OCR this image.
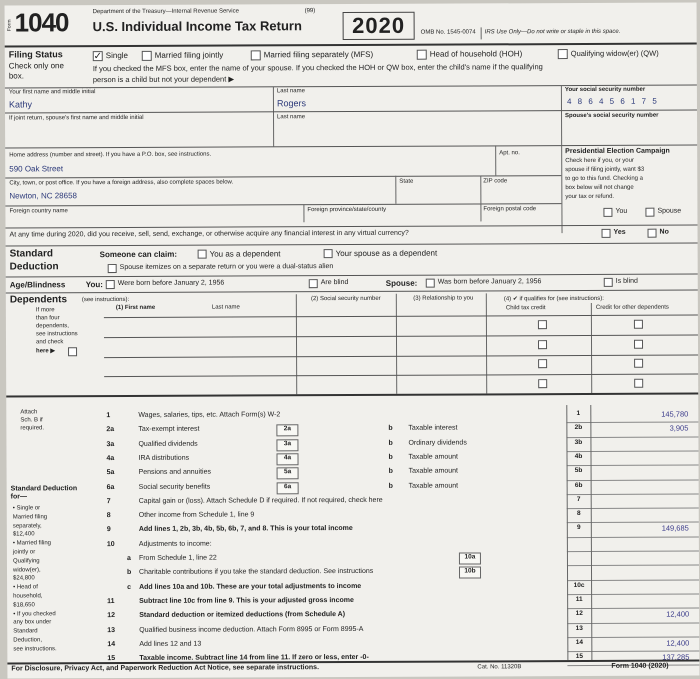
Form 1040	Department of the Treasury—Internal Revenue Service	(99)
U.S. Individual Income Tax Return	2020	OMB No. 1545-0074 IRS Use Only—Do not write or staple in this space.
Filing Status
Check only one box.
✓ Single	Married filing jointly	Married filing separately (MFS)	Head of household (HOH)	Qualifying widow(er) (QW)
If you checked the MFS box, enter the name of your spouse. If you checked the HOH or QW box, enter the child's name if the qualifying
person is a child but not your dependent ▶
Your first name and middle initial
Kathy
Last name
Rogers
Your social security number
4 8 6 4 5 6 1 7 5
If joint return, spouse's first name and middle initial	Last name	Spouse's social security number
Home address (number and street). If you have a P.O. box, see instructions.
590 Oak Street
Apt. no.
City, town, or post office. If you have a foreign address, also complete spaces below.
Newton, NC 28658
State	ZIP code
Foreign country name	Foreign province/state/county	Foreign postal code
Presidential Election Campaign
Check here if you, or your
spouse if filing jointly, want $3
to go to this fund. Checking a
box below will not change
your tax or refund.
You	Spouse
At any time during 2020, did you receive, sell, send, exchange, or otherwise acquire any financial interest in any virtual currency?	Yes	No
Standard
Deduction
Someone can claim:	You as a dependent	Your spouse as a dependent
Spouse itemizes on a separate return or you were a dual-status alien
Age/Blindness	You: Were born before January 2, 1956	Are blind	Spouse:	Was born before January 2, 1956	Is blind
Dependents (see instructions):
If more
than four
dependents,
see instructions
and check
here ▶
(1) First name	Last name
(2) Social security number	(3) Relationship to you	(4) ✔ if qualifies for (see instructions):
Child tax credit	Credit for other dependents
Attach
Sch. B if
required.
Standard Deduction for—
• Single or
Married filing
separately,
$12,400
• Married filing
jointly or
Qualifying
widow(er),
$24,800
• Head of
household,
$18,650
• If you checked
any box under
Standard
Deduction,
see instructions.
1	Wages, salaries, tips, etc. Attach Form(s) W-2	1	145,780
2a	Tax-exempt interest	2a	b Taxable interest	2b	3,905
3a	Qualified dividends	3a	b Ordinary dividends	3b
4a	IRA distributions	4a	b Taxable amount	4b
5a	Pensions and annuities	5a	b Taxable amount	5b
6a	Social security benefits	6a	b Taxable amount	6b
7	Capital gain or (loss). Attach Schedule D if required. If not required, check here	7
8	Other income from Schedule 1, line 9	8
9	Add lines 1, 2b, 3b, 4b, 5b, 6b, 7, and 8. This is your total income	9	149,685
10	Adjustments to income:
a From Schedule 1, line 22	10a
b Charitable contributions if you take the standard deduction. See instructions	10b
c Add lines 10a and 10b. These are your total adjustments to income	10c
11	Subtract line 10c from line 9. This is your adjusted gross income	11
12	Standard deduction or itemized deductions (from Schedule A)	12	12,400
13	Qualified business income deduction. Attach Form 8995 or Form 8995-A	13
14	Add lines 12 and 13	14	12,400
15	Taxable income. Subtract line 14 from line 11. If zero or less, enter -0-	15	137,285
For Disclosure, Privacy Act, and Paperwork Reduction Act Notice, see separate instructions.	Cat. No. 11320B	Form 1040 (2020)
